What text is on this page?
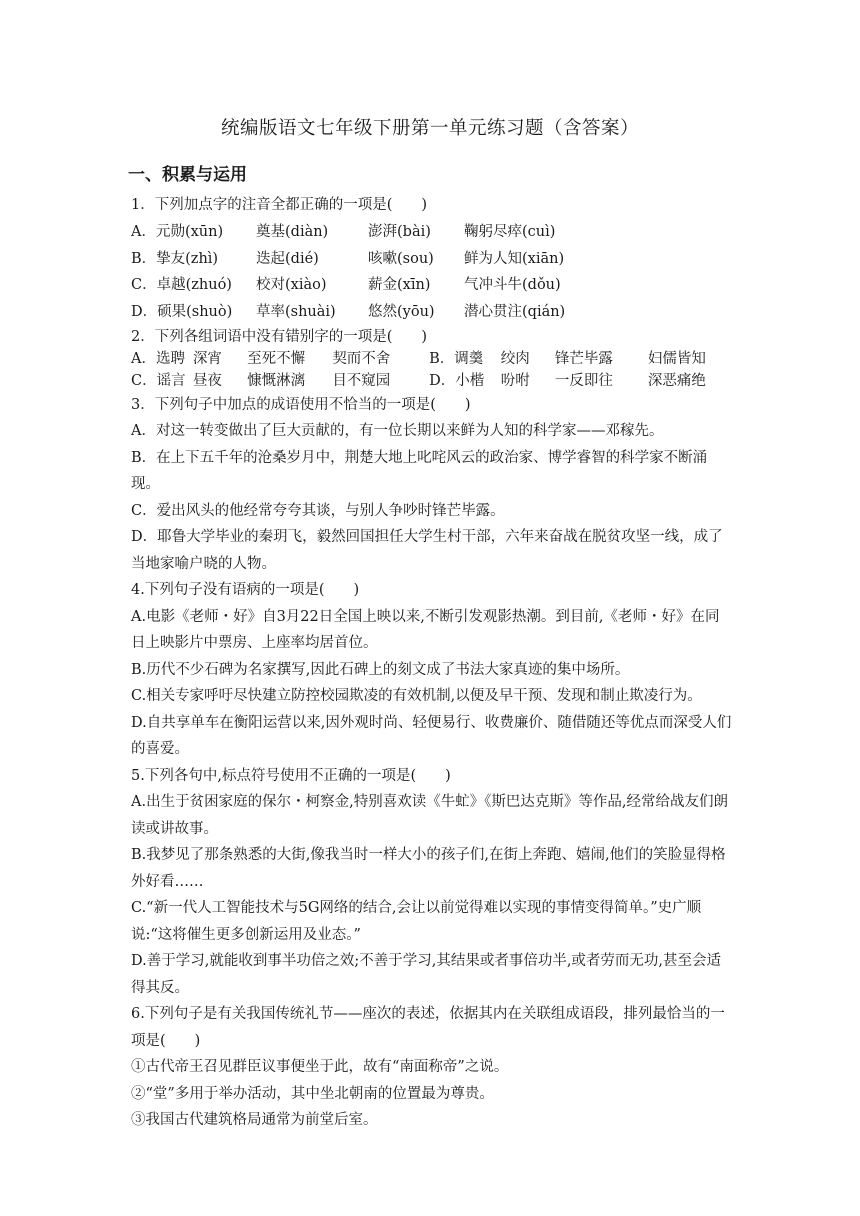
统编版语文七年级下册第一单元练习题（含答案）
一、积累与运用
1．下列加点字的注音全都正确的一项是(　　)
A．元勋(xūn)	奠基(diàn)	澎湃(bài)	鞠躬尽瘁(cuì)
B．挚友(zhì)	迭起(dié)	咳嗽(sou)	鲜为人知(xiān)
C．卓越(zhuó)	校对(xiào)	薪金(xīn)	气冲斗牛(dǒu)
D．硕果(shuò)	草率(shuài)	悠然(yōu)	潜心贯注(qián)
2．下列各组词语中没有错别字的一项是(　　)
A．选聘 深宵	至死不懈	契而不舍	B．调羹	绞肉	锋芒毕露	妇儒皆知
C．谣言 昼夜	慷慨淋漓	目不窥园	D．小楷	吩咐	一反即往	深恶痛绝
3．下列句子中加点的成语使用不恰当的一项是(　　)
A．对这一转变做出了巨大贡献的，有一位长期以来鲜为人知的科学家——邓稼先。
B．在上下五千年的沧桑岁月中，荆楚大地上叱咤风云的政治家、博学睿智的科学家不断涌现。
C．爱出风头的他经常夸夸其谈，与别人争吵时锋芒毕露。
D．耶鲁大学毕业的秦玥飞，毅然回国担任大学生村干部，六年来奋战在脱贫攻坚一线，成了当地家喻户晓的人物。
4.下列句子没有语病的一项是(　　)
A.电影《老师・好》自3月22日全国上映以来,不断引发观影热潮。到目前,《老师・好》在同日上映影片中票房、上座率均居首位。
B.历代不少石碑为名家撰写,因此石碑上的刻文成了书法大家真迹的集中场所。
C.相关专家呼吁尽快建立防控校园欺凌的有效机制,以便及早干预、发现和制止欺凌行为。
D.自共享单车在衡阳运营以来,因外观时尚、轻便易行、收费廉价、随借随还等优点而深受人们的喜爱。
5.下列各句中,标点符号使用不正确的一项是(　　)
A.出生于贫困家庭的保尔・柯察金,特别喜欢读《牛虻》《斯巴达克斯》等作品,经常给战友们朗读或讲故事。
B.我梦见了那条熟悉的大街,像我当时一样大小的孩子们,在街上奔跑、嬉闹,他们的笑脸显得格外好看……
C.“新一代人工智能技术与5G网络的结合,会让以前觉得难以实现的事情变得简单。”史广顺说:“这将催生更多创新运用及业态。”
D.善于学习,就能收到事半功倍之效;不善于学习,其结果或者事倍功半,或者劳而无功,甚至会适得其反。
6.下列句子是有关我国传统礼节——座次的表述，依据其内在关联组成语段，排列最恰当的一项是(　　)
①古代帝王召见群臣议事便坐于此，故有“南面称帝”之说。
②“堂”多用于举办活动，其中坐北朝南的位置最为尊贵。
③我国古代建筑格局通常为前堂后室。
